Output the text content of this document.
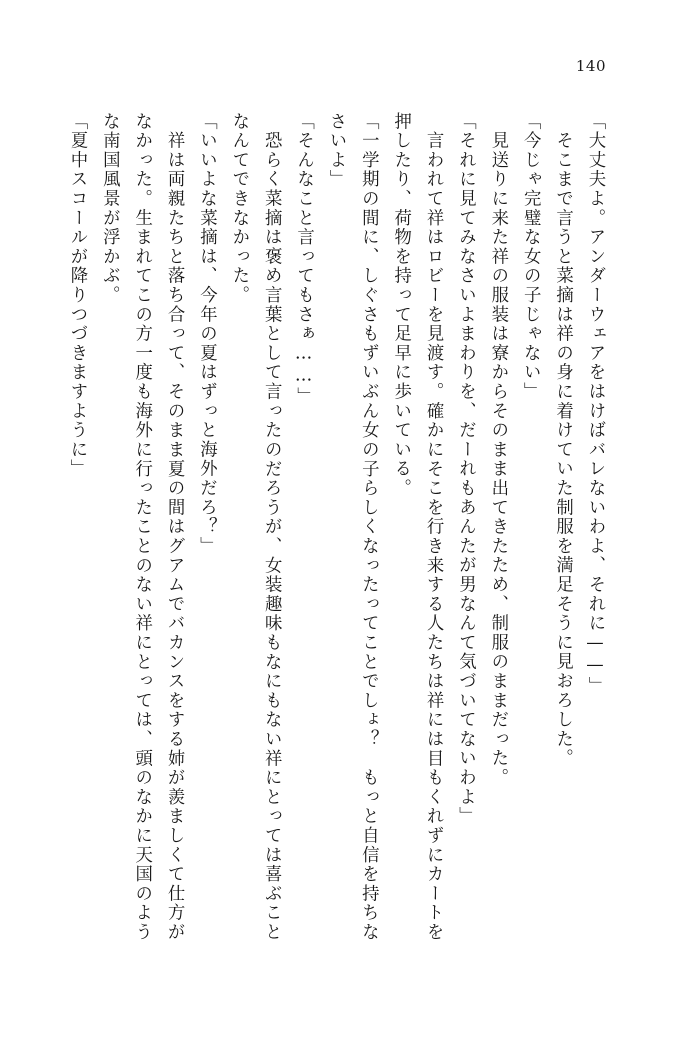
140
「大丈夫よ。アンダーウェアをはけばバレないわよ、それに——」
　そこまで言うと菜摘は祥の身に着けていた制服を満足そうに見おろした。
「今じゃ完璧な女の子じゃない」
　見送りに来た祥の服装は寮からそのまま出てきたため、制服のままだった。
「それに見てみなさいよまわりを、だーれもあんたが男なんて気づいてないわよ」
　言われて祥はロビーを見渡す。確かにそこを行き来する人たちは祥には目もくれずにカートを押したり、荷物を持って足早に歩いている。
「一学期の間に、しぐさもずいぶん女の子らしくなったってことでしょ？　もっと自信を持ちなさいよ」
「そんなこと言ってもさぁ……」
　恐らく菜摘は褒め言葉として言ったのだろうが、女装趣味もなにもない祥にとっては喜ぶことなんてできなかった。
「いいよな菜摘は、今年の夏はずっと海外だろ？」
　祥は両親たちと落ち合って、そのまま夏の間はグアムでバカンスをする姉が羨ましくて仕方がなかった。生まれてこの方一度も海外に行ったことのない祥にとっては、頭のなかに天国のような南国風景が浮かぶ。
「夏中スコールが降りつづきますように」
